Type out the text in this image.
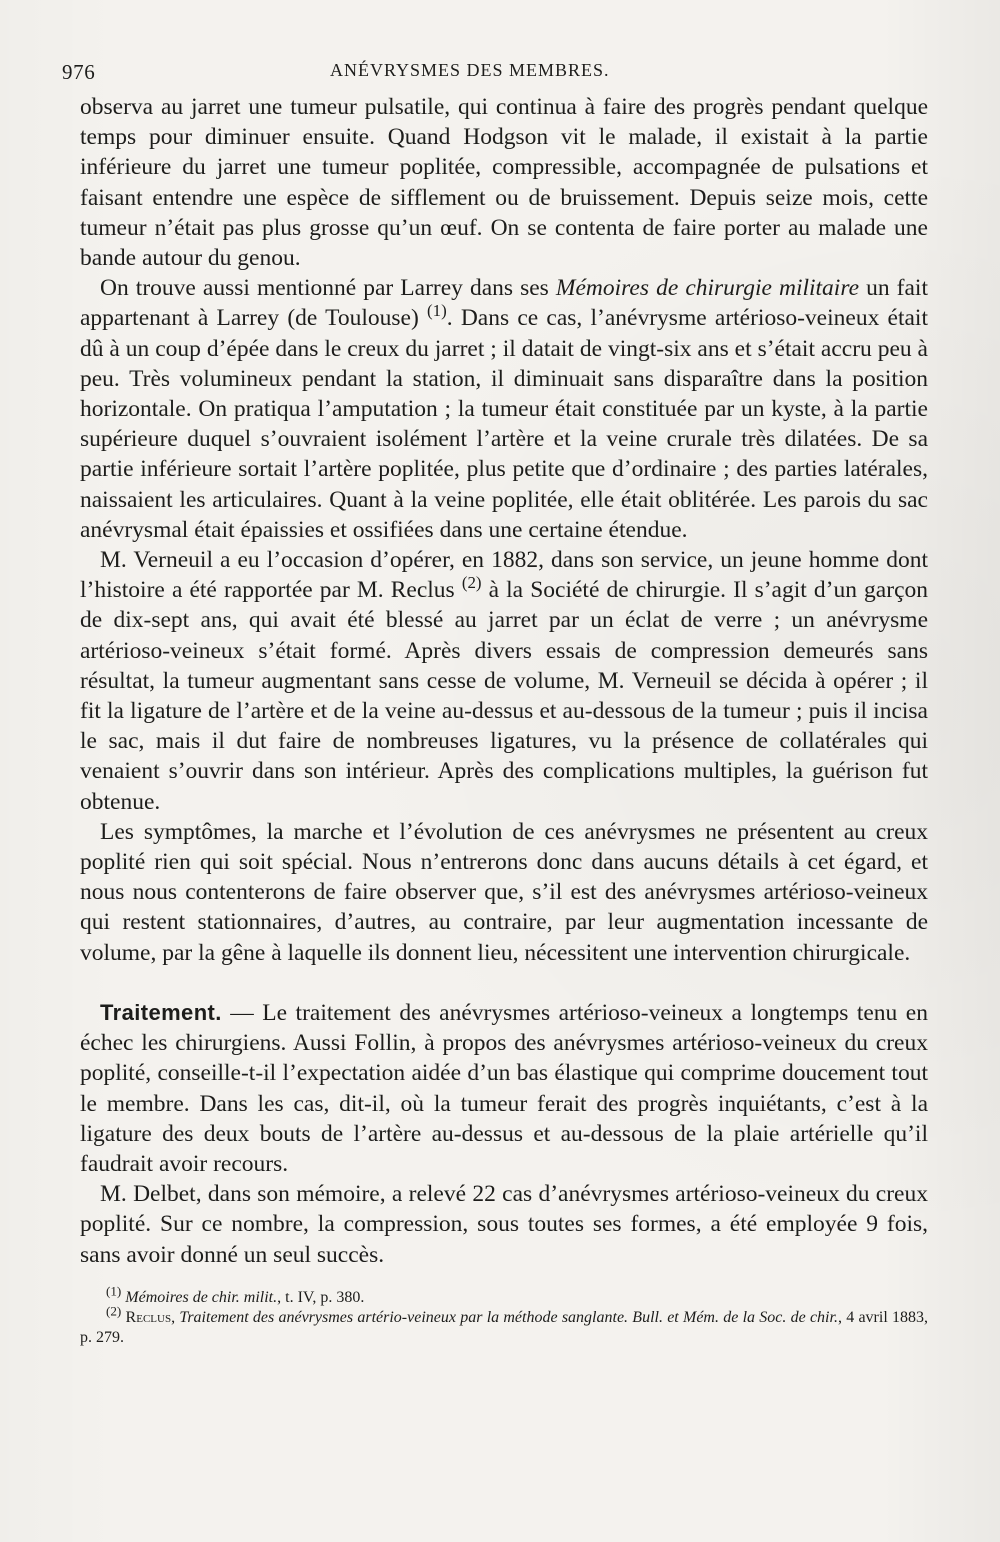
976	ANÉVRYSMES DES MEMBRES.

observa au jarret une tumeur pulsatile, qui continua à faire des progrès pendant quelque temps pour diminuer ensuite. Quand Hodgson vit le malade, il existait à la partie inférieure du jarret une tumeur poplitée, compressible, accompagnée de pulsations et faisant entendre une espèce de sifflement ou de bruissement. Depuis seize mois, cette tumeur n’était pas plus grosse qu’un œuf. On se contenta de faire porter au malade une bande autour du genou.

On trouve aussi mentionné par Larrey dans ses Mémoires de chirurgie militaire un fait appartenant à Larrey (de Toulouse) $^{(1)}$. Dans ce cas, l’anévrysme artérioso-veineux était dû à un coup d’épée dans le creux du jarret ; il datait de vingt-six ans et s’était accru peu à peu. Très volumineux pendant la station, il diminuait sans disparaître dans la position horizontale. On pratiqua l’amputation ; la tumeur était constituée par un kyste, à la partie supérieure duquel s’ouvraient isolément l’artère et la veine crurale très dilatées. De sa partie inférieure sortait l’artère poplitée, plus petite que d’ordinaire ; des parties latérales, naissaient les articulaires. Quant à la veine poplitée, elle était oblitérée. Les parois du sac anévrysmal était épaissies et ossifiées dans une certaine étendue.

M. Verneuil a eu l’occasion d’opérer, en 1882, dans son service, un jeune homme dont l’histoire a été rapportée par M. Reclus $^{(2)}$ à la Société de chirurgie. Il s’agit d’un garçon de dix-sept ans, qui avait été blessé au jarret par un éclat de verre ; un anévrysme artérioso-veineux s’était formé. Après divers essais de compression demeurés sans résultat, la tumeur augmentant sans cesse de volume, M. Verneuil se décida à opérer ; il fit la ligature de l’artère et de la veine au-dessus et au-dessous de la tumeur ; puis il incisa le sac, mais il dut faire de nombreuses ligatures, vu la présence de collatérales qui venaient s’ouvrir dans son intérieur. Après des complications multiples, la guérison fut obtenue.

Les symptômes, la marche et l’évolution de ces anévrysmes ne présentent au creux poplité rien qui soit spécial. Nous n’entrerons donc dans aucuns détails à cet égard, et nous nous contenterons de faire observer que, s’il est des anévrysmes artérioso-veineux qui restent stationnaires, d’autres, au contraire, par leur augmentation incessante de volume, par la gêne à laquelle ils donnent lieu, nécessitent une intervention chirurgicale.

Traitement. — Le traitement des anévrysmes artérioso-veineux a longtemps tenu en échec les chirurgiens. Aussi Follin, à propos des anévrysmes artérioso-veineux du creux poplité, conseille-t-il l’expectation aidée d’un bas élastique qui comprime doucement tout le membre. Dans les cas, dit-il, où la tumeur ferait des progrès inquiétants, c’est à la ligature des deux bouts de l’artère au-dessus et au-dessous de la plaie artérielle qu’il faudrait avoir recours.

M. Delbet, dans son mémoire, a relevé 22 cas d’anévrysmes artérioso-veineux du creux poplité. Sur ce nombre, la compression, sous toutes ses formes, a été employée 9 fois, sans avoir donné un seul succès.

$^{(1)}$ Mémoires de chir. milit., t. IV, p. 380.

$^{(2)}$ Reclus, Traitement des anévrysmes artério-veineux par la méthode sanglante. Bull. et Mém. de la Soc. de chir., 4 avril 1883, p. 279.
